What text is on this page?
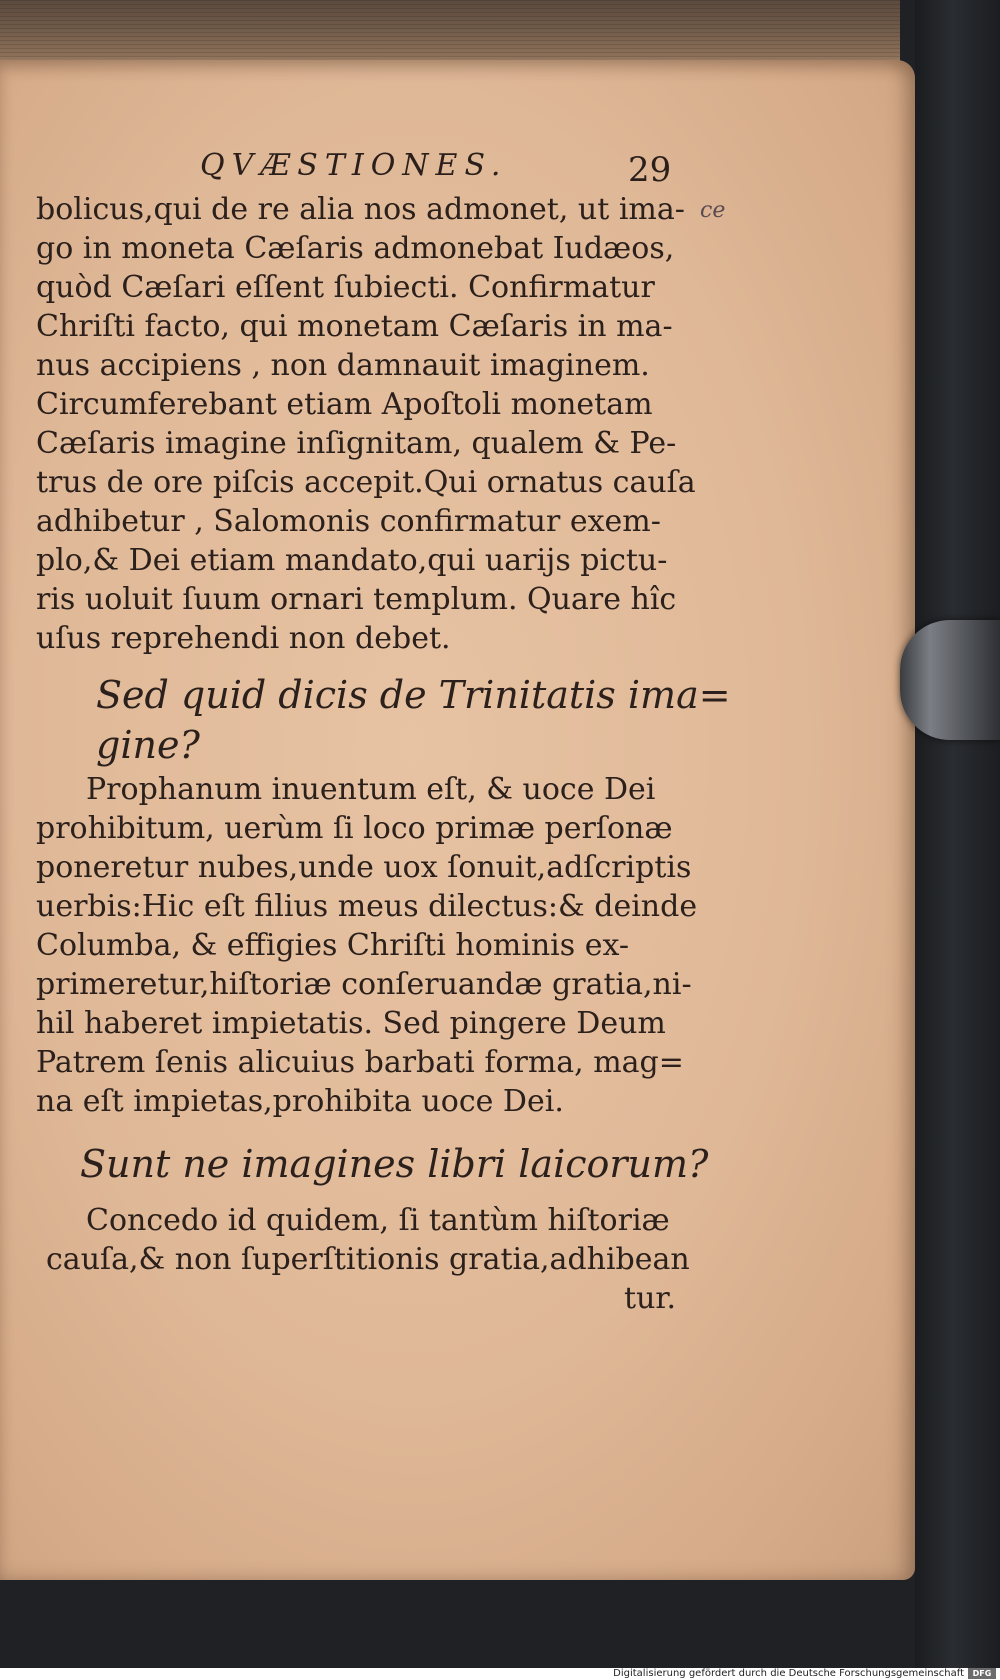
QVÆSTIONES.	29
ce
bolicus,qui de re alia nos admonet, ut ima-
go in moneta Cæſaris admonebat Iudæos,
quòd Cæſari eſſent ſubiecti. Confirmatur
Chriſti facto, qui monetam Cæſaris in ma-
nus accipiens , non damnauit imaginem.
Circumferebant etiam Apoſtoli monetam
Cæſaris imagine inſignitam, qualem & Pe-
trus de ore piſcis accepit.Qui ornatus cauſa
adhibetur , Salomonis confirmatur exem-
plo,& Dei etiam mandato,qui uarijs pictu-
ris uoluit ſuum ornari templum. Quare hîc
uſus reprehendi non debet.
Sed quid dicis de Trinitatis ima=
gine?
Prophanum inuentum eſt, & uoce Dei
prohibitum, uerùm ſi loco primæ perſonæ
poneretur nubes,unde uox ſonuit,adſcriptis
uerbis:Hic eſt filius meus dilectus:& deinde
Columba, & effigies Chriſti hominis ex-
primeretur,hiſtoriæ conſeruandæ gratia,ni-
hil haberet impietatis. Sed pingere Deum
Patrem ſenis alicuius barbati forma, mag=
na eſt impietas,prohibita uoce Dei.
Sunt ne imagines libri laicorum?
Concedo id quidem, ſi tantùm hiſtoriæ
cauſa,& non ſuperſtitionis gratia,adhibean
tur.
Digitalisierung gefördert durch die Deutsche Forschungsgemeinschaft	DFG
